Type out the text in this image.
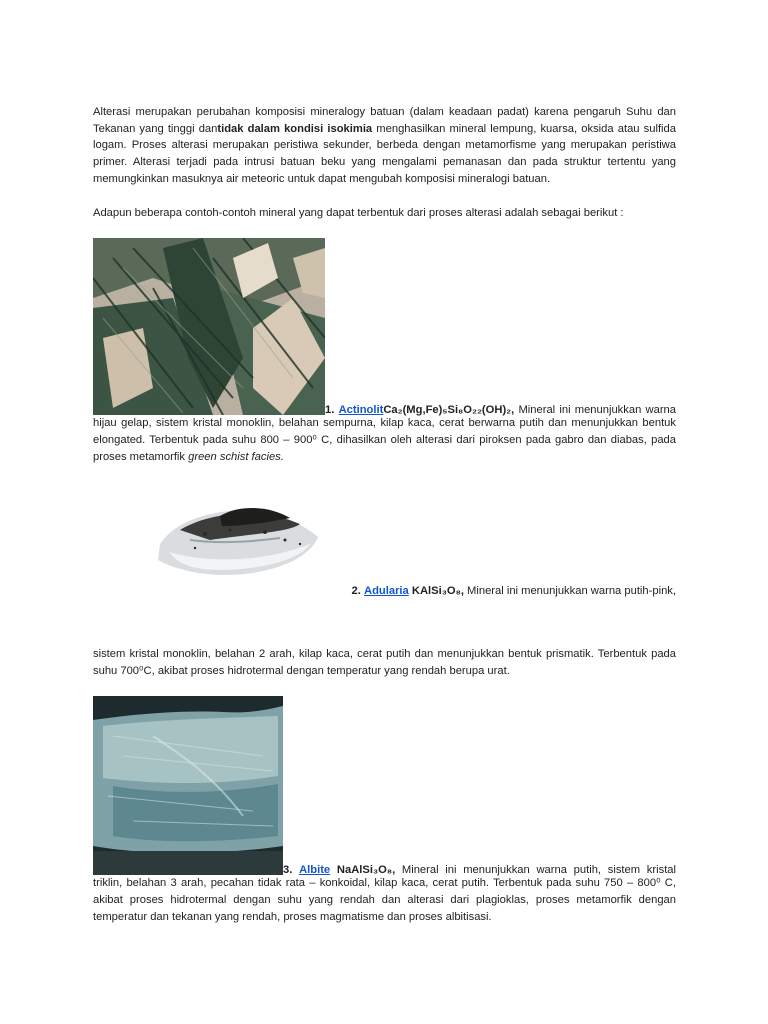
Alterasi merupakan perubahan komposisi mineralogy batuan (dalam keadaan padat) karena pengaruh Suhu dan Tekanan yang tinggi dantidak dalam kondisi isokimia menghasilkan mineral lempung, kuarsa, oksida atau sulfida logam. Proses alterasi merupakan peristiwa sekunder, berbeda dengan metamorfisme yang merupakan peristiwa primer. Alterasi terjadi pada intrusi batuan beku yang mengalami pemanasan dan pada struktur tertentu yang memungkinkan masuknya air meteoric untuk dapat mengubah komposisi mineralogi batuan.

Adapun beberapa contoh-contoh mineral yang dapat terbentuk dari proses alterasi adalah sebagai berikut :

1. ActinolitCa₂(Mg,Fe)₅Si₈O₂₂(OH)₂, Mineral ini menunjukkan warna

hijau gelap, sistem kristal monoklin, belahan sempurna, kilap kaca, cerat berwarna putih dan menunjukkan bentuk elongated. Terbentuk pada suhu 800 – 900⁰ C, dihasilkan oleh alterasi dari piroksen pada gabro dan diabas, pada proses metamorfik green schist facies.

2. Adularia KAlSi₃O₈, Mineral ini menunjukkan warna putih-pink,

sistem kristal monoklin, belahan 2 arah, kilap kaca, cerat putih dan menunjukkan bentuk prismatik. Terbentuk pada suhu 700⁰C, akibat proses hidrotermal dengan temperatur yang rendah berupa urat.

3. Albite NaAlSi₃O₈, Mineral ini menunjukkan warna putih, sistem kristal

triklin, belahan 3 arah, pecahan tidak rata – konkoidal, kilap kaca, cerat putih. Terbentuk pada suhu 750 – 800⁰ C, akibat proses hidrotermal dengan suhu yang rendah dan alterasi dari plagioklas, proses metamorfik dengan temperatur dan tekanan yang rendah, proses magmatisme dan proses albitisasi.
